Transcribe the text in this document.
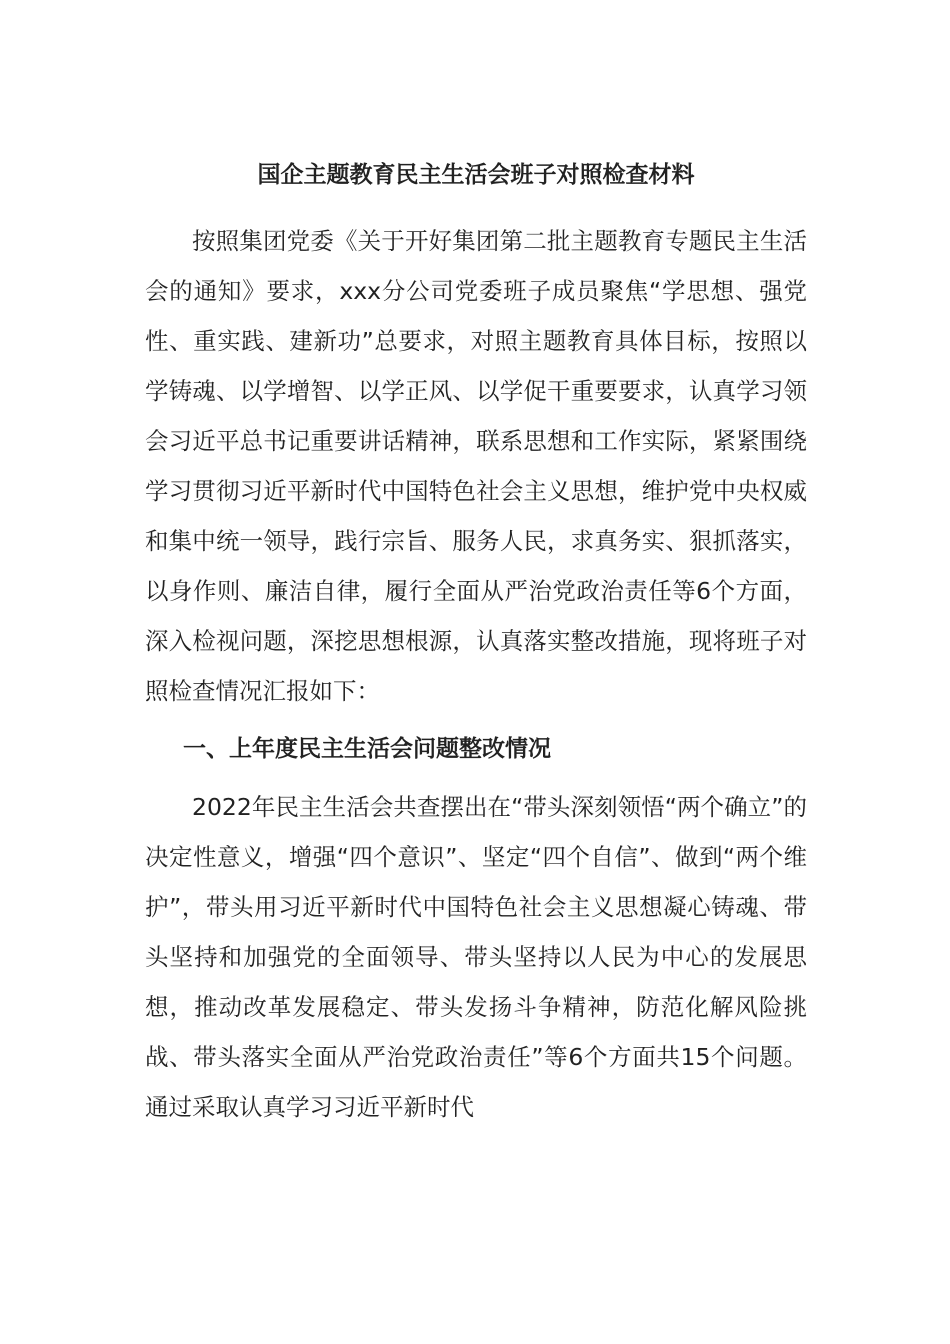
国企主题教育民主生活会班子对照检查材料

按照集团党委《关于开好集团第二批主题教育专题民主生活会的通知》要求，xxx分公司党委班子成员聚焦“学思想、强党性、重实践、建新功”总要求，对照主题教育具体目标，按照以学铸魂、以学增智、以学正风、以学促干重要要求，认真学习领会习近平总书记重要讲话精神，联系思想和工作实际，紧紧围绕学习贯彻习近平新时代中国特色社会主义思想，维护党中央权威和集中统一领导，践行宗旨、服务人民，求真务实、狠抓落实，以身作则、廉洁自律，履行全面从严治党政治责任等6个方面，深入检视问题，深挖思想根源，认真落实整改措施，现将班子对照检查情况汇报如下：

一、上年度民主生活会问题整改情况

2022年民主生活会共查摆出在“带头深刻领悟“两个确立”的决定性意义，增强“四个意识”、坚定“四个自信”、做到“两个维护”，带头用习近平新时代中国特色社会主义思想凝心铸魂、带头坚持和加强党的全面领导、带头坚持以人民为中心的发展思想，推动改革发展稳定、带头发扬斗争精神，防范化解风险挑战、带头落实全面从严治党政治责任”等6个方面共15个问题。通过采取认真学习习近平新时代
